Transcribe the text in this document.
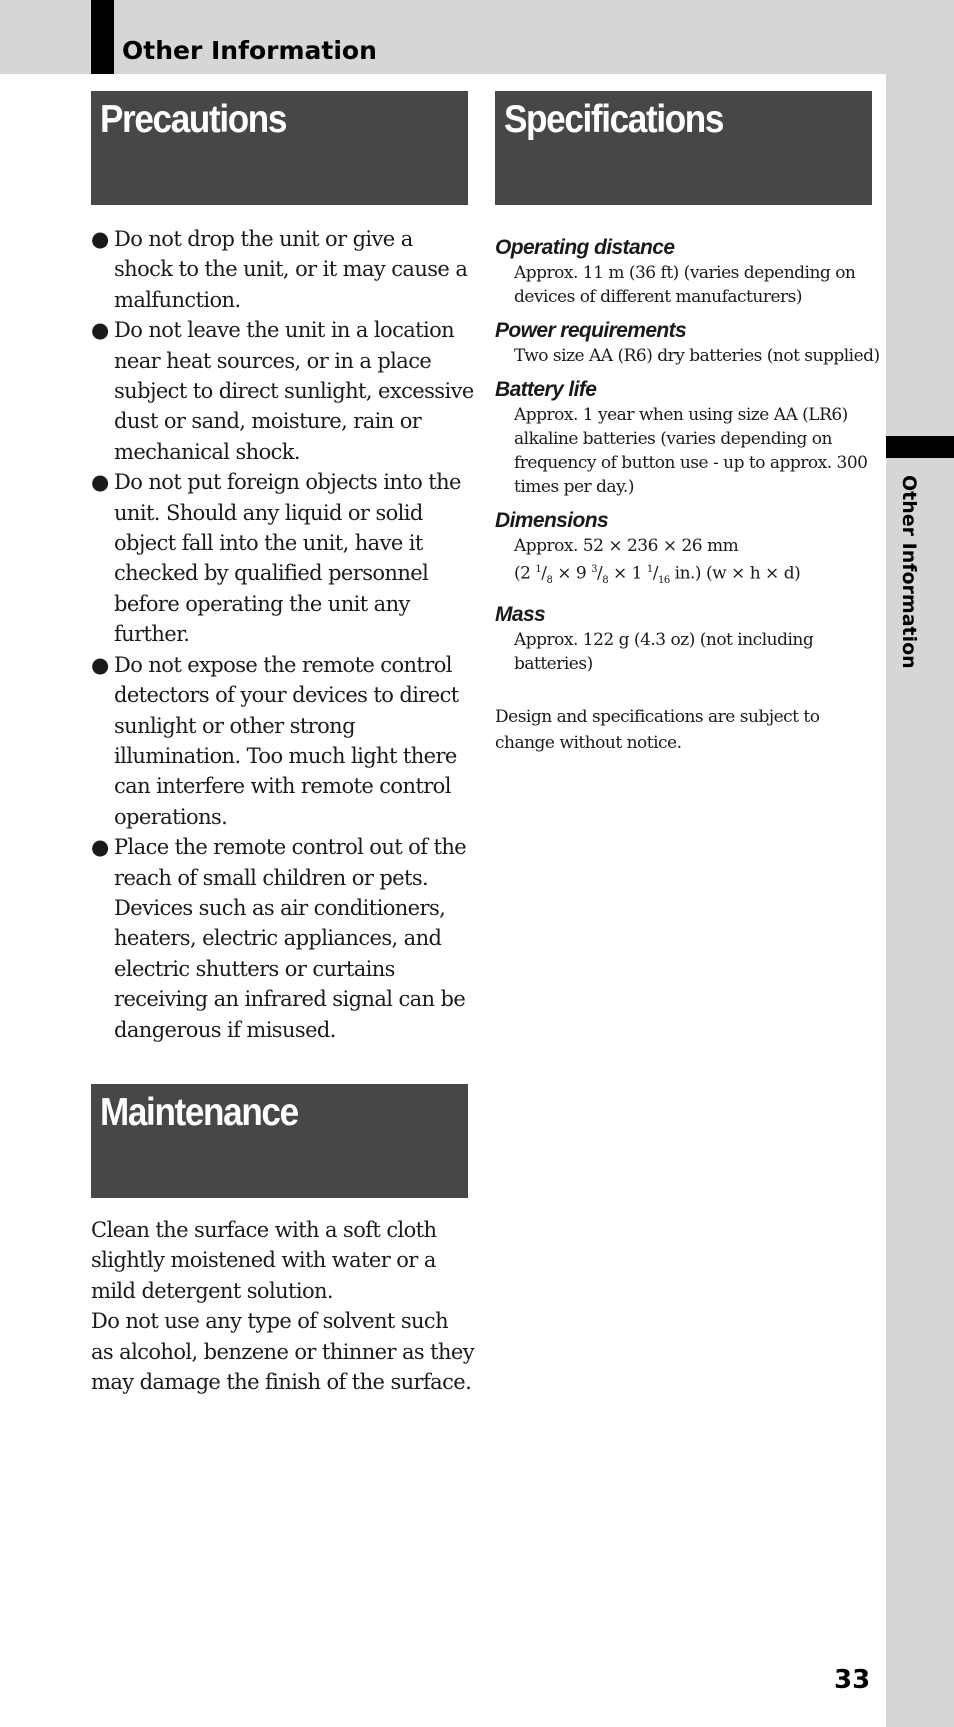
Other Information
Other Information
Precautions
● Do not drop the unit or give a shock to the unit, or it may cause a malfunction.
● Do not leave the unit in a location near heat sources, or in a place subject to direct sunlight, excessive dust or sand, moisture, rain or mechanical shock.
● Do not put foreign objects into the unit. Should any liquid or solid object fall into the unit, have it checked by qualified personnel before operating the unit any further.
● Do not expose the remote control detectors of your devices to direct sunlight or other strong illumination. Too much light there can interfere with remote control operations.
● Place the remote control out of the reach of small children or pets. Devices such as air conditioners, heaters, electric appliances, and electric shutters or curtains receiving an infrared signal can be dangerous if misused.
Maintenance

Clean the surface with a soft cloth slightly moistened with water or a mild detergent solution.

Do not use any type of solvent such as alcohol, benzene or thinner as they may damage the finish of the surface.

Specifications
Operating distance

Approx. 11 m (36 ft) (varies depending on devices of different manufacturers)

Power requirements

Two size AA (R6) dry batteries (not supplied)

Battery life

Approx. 1 year when using size AA (LR6) alkaline batteries (varies depending on frequency of button use - up to approx. 300 times per day.)

Dimensions

Approx. 52 × 236 × 26 mm

(2 $^1/_8 \times 9$ $^3/_8 \times 1$ $^1/_{16}$ in.) (w × h × d)

Mass

Approx. 122 g (4.3 oz) (not including batteries)

Design and specifications are subject to change without notice.

33
